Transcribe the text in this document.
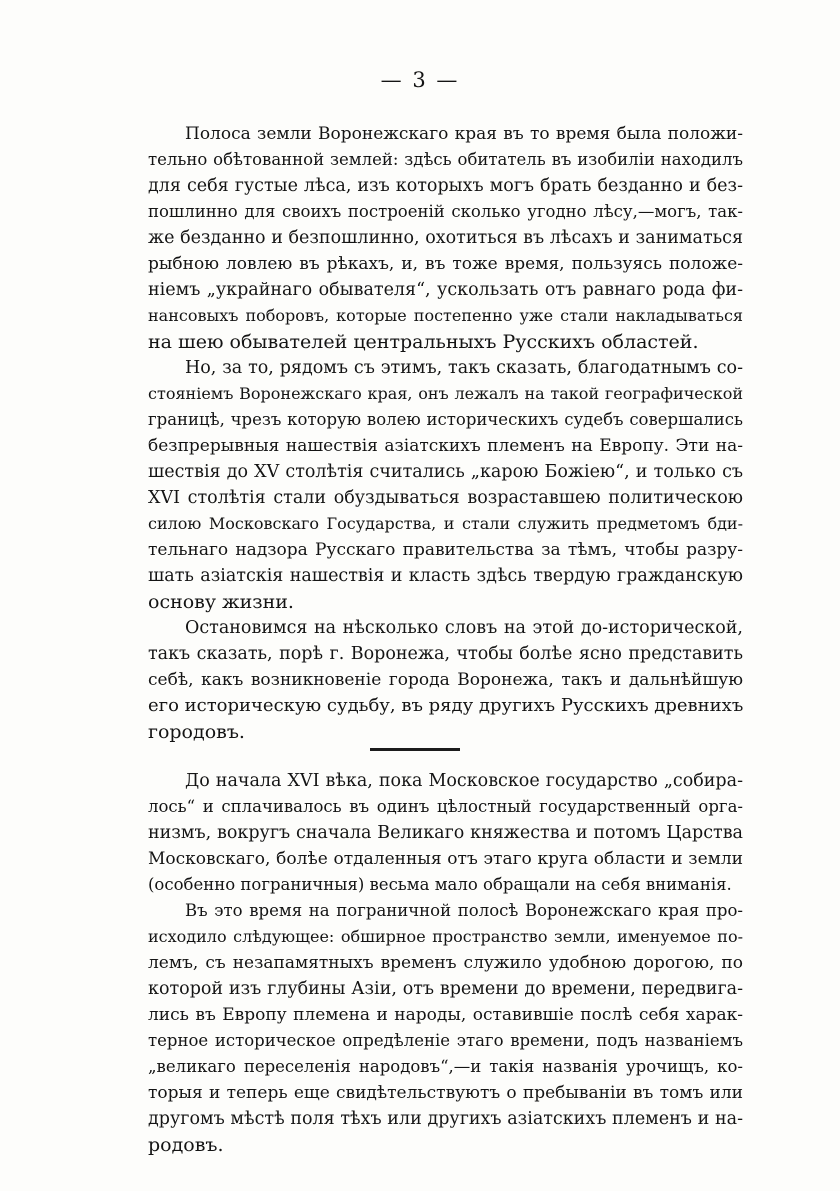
— 3 —
Полоса земли Воронежскаго края въ то время была положи-
тельно обѣтованной землей: здѣсь обитатель въ изобиліи находилъ
для себя густые лѣса, изъ которыхъ могъ брать безданно и без-
пошлинно для своихъ построеній сколько угодно лѣсу,—могъ, так-
же безданно и безпошлинно, охотиться въ лѣсахъ и заниматься
рыбною ловлею въ рѣкахъ, и, въ тоже время, пользуясь положе-
ніемъ „украйнаго обывателя“, ускользать отъ равнаго рода фи-
нансовыхъ поборовъ, которые постепенно уже стали накладываться
на шею обывателей центральныхъ Русскихъ областей.
Но, за то, рядомъ съ этимъ, такъ сказать, благодатнымъ со-
стояніемъ Воронежскаго края, онъ лежалъ на такой географической
границѣ, чрезъ которую волею историческихъ судебъ совершались
безпрерывныя нашествія азіатскихъ племенъ на Европу. Эти на-
шествія до XV столѣтія считались „карою Божіею“, и только съ
XVI столѣтія стали обуздываться возраставшею политическою
силою Московскаго Государства, и стали служить предметомъ бди-
тельнаго надзора Русскаго правительства за тѣмъ, чтобы разру-
шать азіатскія нашествія и класть здѣсь твердую гражданскую
основу жизни.
Остановимся на нѣсколько словъ на этой до-исторической,
такъ сказать, порѣ г. Воронежа, чтобы болѣе ясно представить
себѣ, какъ возникновеніе города Воронежа, такъ и дальнѣйшую
его историческую судьбу, въ ряду другихъ Русскихъ древнихъ
городовъ.
До начала XVI вѣка, пока Московское государство „собира-
лось“ и сплачивалось въ одинъ цѣлостный государственный орга-
низмъ, вокругъ сначала Великаго княжества и потомъ Царства
Московскаго, болѣе отдаленныя отъ этаго круга области и земли
(особенно пограничныя) весьма мало обращали на себя вниманія.
Въ это время на пограничной полосѣ Воронежскаго края про-
исходило слѣдующее: обширное пространство земли, именуемое по-
лемъ, съ незапамятныхъ временъ служило удобною дорогою, по
которой изъ глубины Азіи, отъ времени до времени, передвига-
лись въ Европу племена и народы, оставившіе послѣ себя харак-
терное историческое опредѣленіе этаго времени, подъ названіемъ
„великаго переселенія народовъ“,—и такія названія урочищъ, ко-
торыя и теперь еще свидѣтельствуютъ о пребываніи въ томъ или
другомъ мѣстѣ поля тѣхъ или другихъ азіатскихъ племенъ и на-
родовъ.
